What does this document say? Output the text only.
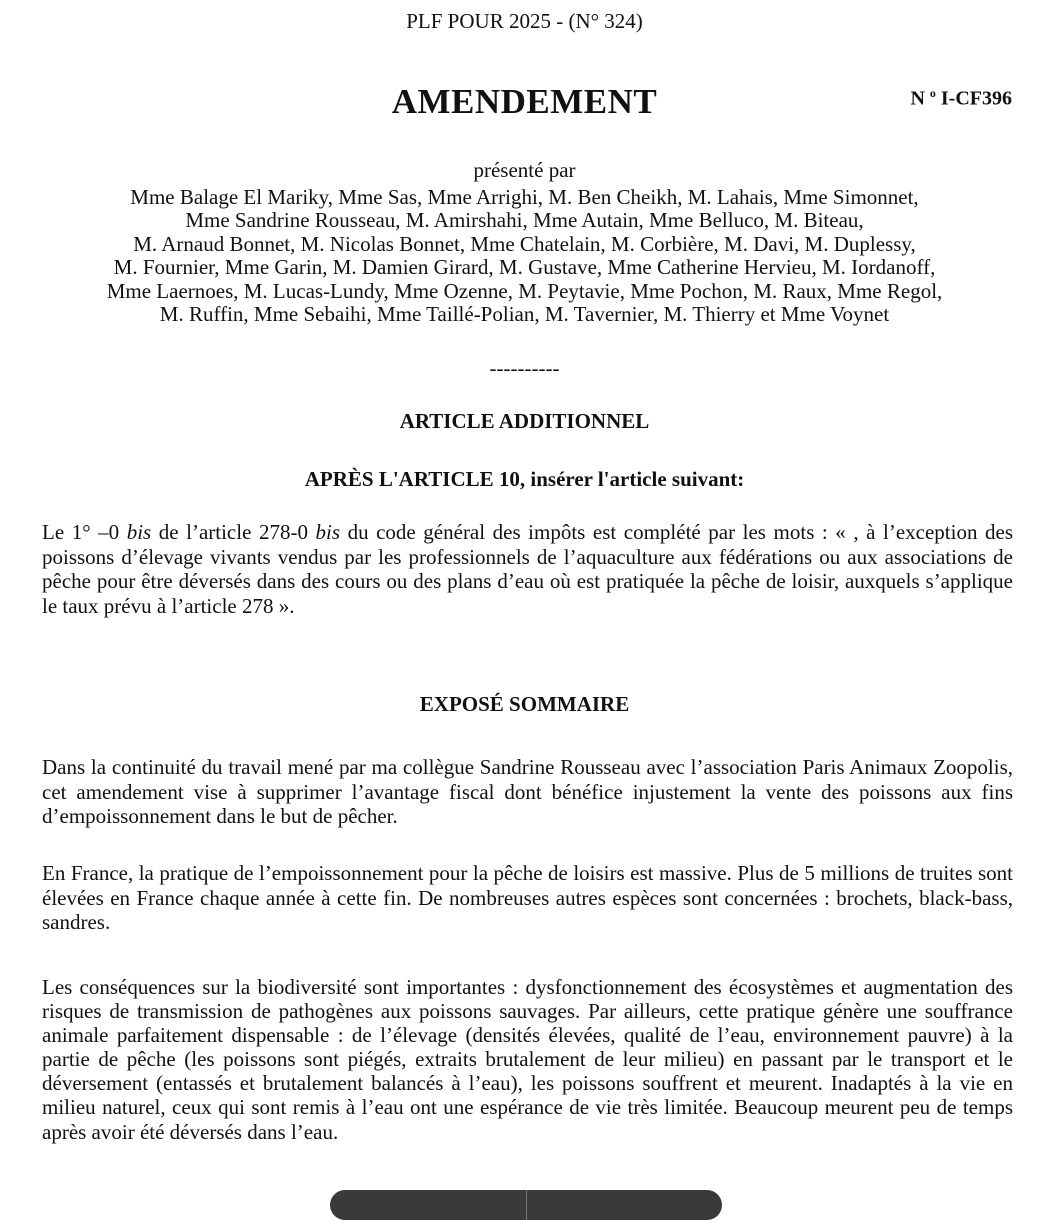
PLF POUR 2025 - (N° 324)
AMENDEMENT	N $^o$ I-CF396
présenté par
Mme Balage El Mariky, Mme Sas, Mme Arrighi, M. Ben Cheikh, M. Lahais, Mme Simonnet,
Mme Sandrine Rousseau, M. Amirshahi, Mme Autain, Mme Belluco, M. Biteau,
M. Arnaud Bonnet, M. Nicolas Bonnet, Mme Chatelain, M. Corbière, M. Davi, M. Duplessy,
M. Fournier, Mme Garin, M. Damien Girard, M. Gustave, Mme Catherine Hervieu, M. Iordanoff,
Mme Laernoes, M. Lucas-Lundy, Mme Ozenne, M. Peytavie, Mme Pochon, M. Raux, Mme Regol,
M. Ruffin, Mme Sebaihi, Mme Taillé-Polian, M. Tavernier, M. Thierry et Mme Voynet
----------
ARTICLE ADDITIONNEL
APRÈS L'ARTICLE 10, insérer l'article suivant:
Le 1° –0 bis de l’article 278-0 bis du code général des impôts est complété par les mots : « , à l’exception des poissons d’élevage vivants vendus par les professionnels de l’aquaculture aux fédérations ou aux associations de pêche pour être déversés dans des cours ou des plans d’eau où est pratiquée la pêche de loisir, auxquels s’applique le taux prévu à l’article 278 ».
EXPOSÉ SOMMAIRE
Dans la continuité du travail mené par ma collègue Sandrine Rousseau avec l’association Paris Animaux Zoopolis, cet amendement vise à supprimer l’avantage fiscal dont bénéfice injustement la vente des poissons aux fins d’empoissonnement dans le but de pêcher.
En France, la pratique de l’empoissonnement pour la pêche de loisirs est massive. Plus de 5 millions de truites sont élevées en France chaque année à cette fin. De nombreuses autres espèces sont concernées : brochets, black-bass, sandres.
Les conséquences sur la biodiversité sont importantes : dysfonctionnement des écosystèmes et augmentation des risques de transmission de pathogènes aux poissons sauvages. Par ailleurs, cette pratique génère une souffrance animale parfaitement dispensable : de l’élevage (densités élevées, qualité de l’eau, environnement pauvre) à la partie de pêche (les poissons sont piégés, extraits brutalement de leur milieu) en passant par le transport et le déversement (entassés et brutalement balancés à l’eau), les poissons souffrent et meurent. Inadaptés à la vie en milieu naturel, ceux qui sont remis à l’eau ont une espérance de vie très limitée. Beaucoup meurent peu de temps après avoir été déversés dans l’eau.
